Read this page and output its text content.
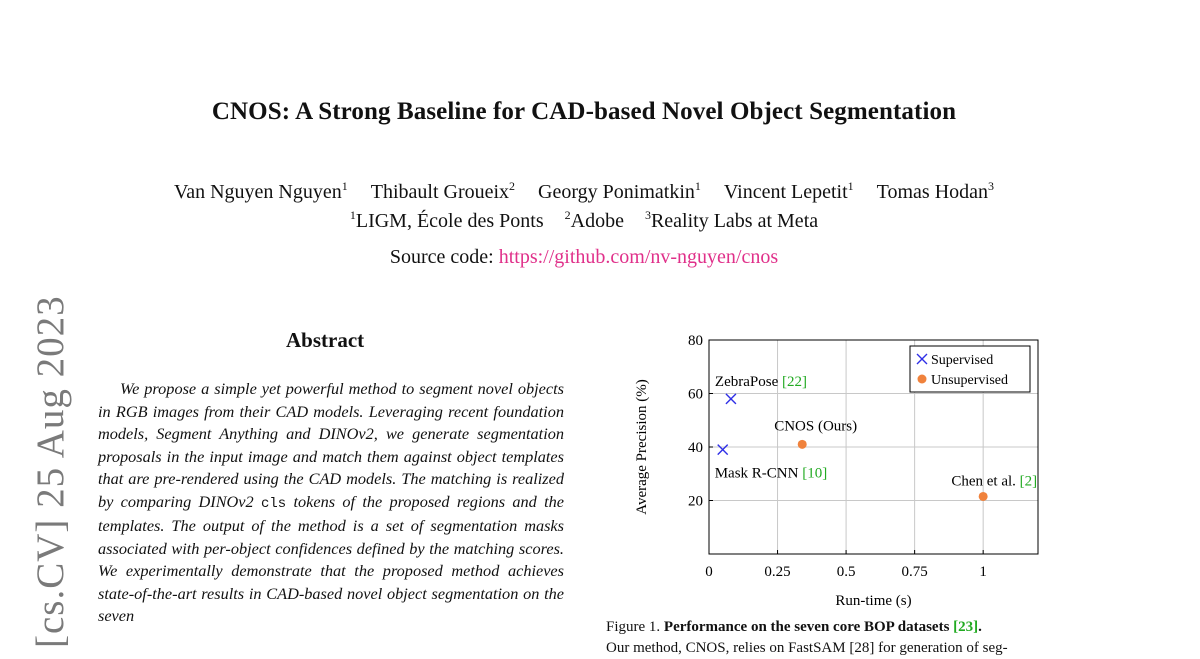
CNOS: A Strong Baseline for CAD-based Novel Object Segmentation
Van Nguyen Nguyen$^1$ Thibault Groueix$^2$ Georgy Ponimatkin$^1$ Vincent Lepetit$^1$ Tomas Hodan$^3$
$^1$LIGM, École des Ponts $^2$Adobe $^3$Reality Labs at Meta
Source code: https://github.com/nv-nguyen/cnos
[cs.CV] 25 Aug 2023	Abstract

We propose a simple yet powerful method to segment novel objects in RGB images from their CAD models. Leveraging recent foundation models, Segment Anything and DINOv2, we generate segmentation proposals in the input image and match them against object templates that are pre-rendered using the CAD models. The matching is realized by comparing DINOv2 cls tokens of the proposed regions and the templates. The output of the method is a set of segmentation masks associated with per-object confidences defined by the matching scores. We experimentally demonstrate that the proposed method achieves state-of-the-art results in CAD-based novel object segmentation on the seven

0	0.25	0.5	0.75	1
20
40
60
80
Run-time (s)
Average Precision (%)	ZebraPose [22]
Mask R-CNN [10]
CNOS (Ours)
Chen et al. [2]
Supervised
Unsupervised
Figure 1. Performance on the seven core BOP datasets [23].
Our method, CNOS, relies on FastSAM [28] for generation of seg-
